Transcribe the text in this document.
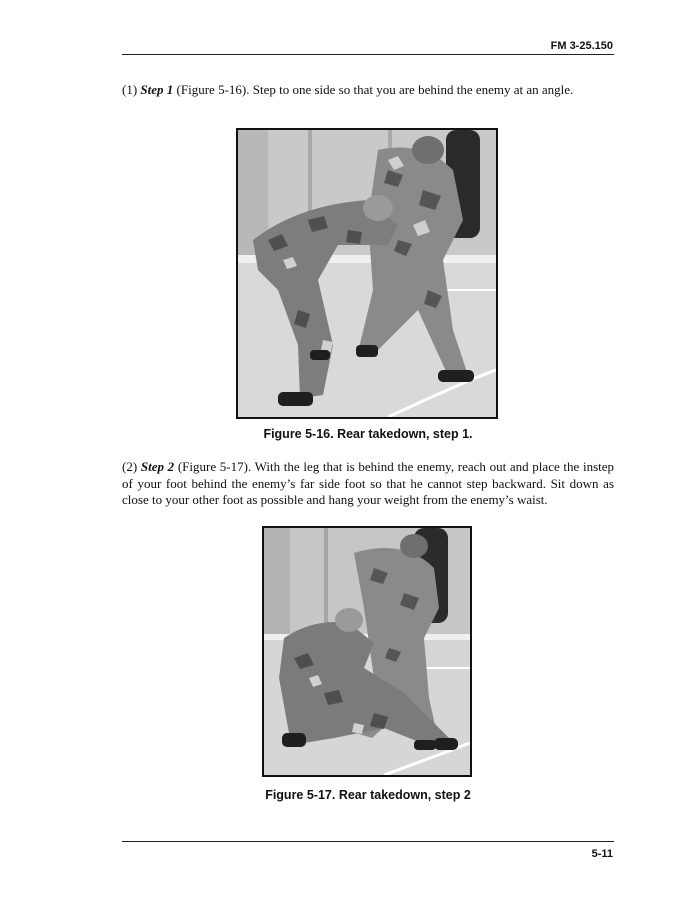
FM 3-25.150

(1) Step 1 (Figure 5-16). Step to one side so that you are behind the enemy at an angle.

Figure 5-16. Rear takedown, step 1.

(2) Step 2 (Figure 5-17). With the leg that is behind the enemy, reach out and place the instep of your foot behind the enemy’s far side foot so that he cannot step backward. Sit down as close to your other foot as possible and hang your weight from the enemy’s waist.

Figure 5-17. Rear takedown, step 2
5-11
